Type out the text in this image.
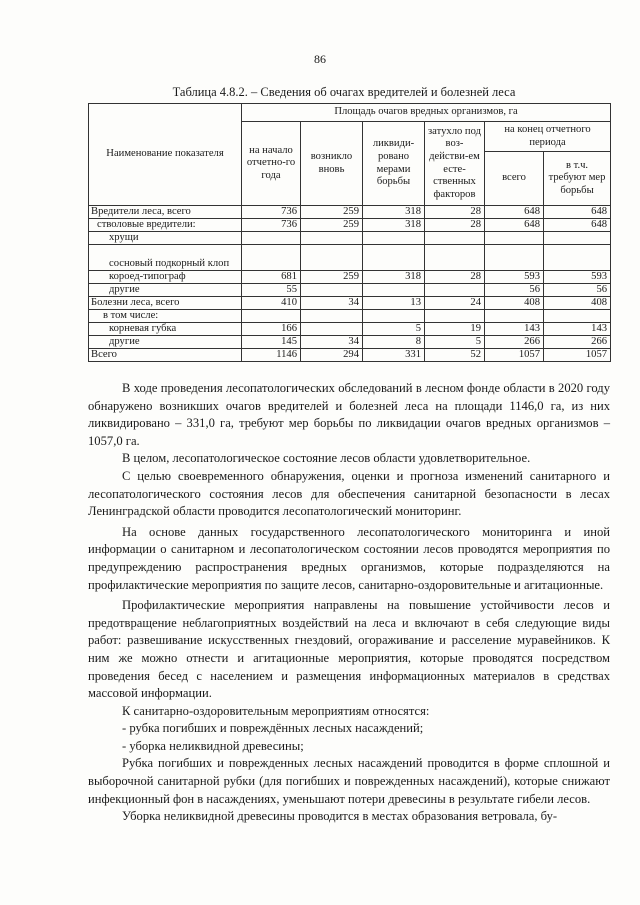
86
Таблица 4.8.2. – Сведения об очагах вредителей и болезней леса
Наименование показателя	Площадь очагов вредных организмов, га					
	на начало отчетно-го года	возникло вновь	ликвиди-ровано мерами борьбы	затухло под воз-действи-ем есте-ственных факторов	на конец отчетного периода	
					всего	в т.ч. требуют мер борьбы
Вредители леса, всего	736	259	318	28	648	648
стволовые вредители:	736	259	318	28	648	648
хрущи						
сосновый подкорный клоп						
короед-типограф	681	259	318	28	593	593
другие	55				56	56
Болезни леса, всего	410	34	13	24	408	408
в том числе:						
корневая губка	166		5	19	143	143
другие	145	34	8	5	266	266
Всего	1146	294	331	52	1057	1057

В ходе проведения лесопатологических обследований в лесном фонде области в 2020 году обнаружено возникших очагов вредителей и болезней леса на площади 1146,0 га, из них ликвидировано – 331,0 га, требуют мер борьбы по ликвидации очагов вредных организмов – 1057,0 га.

В целом, лесопатологическое состояние лесов области удовлетворительное.

С целью своевременного обнаружения, оценки и прогноза изменений санитарного и лесопатологического состояния лесов для обеспечения санитарной безопасности в лесах Ленинградской области проводится лесопатологический мониторинг.

На основе данных государственного лесопатологического мониторинга и иной информации о санитарном и лесопатологическом состоянии лесов проводятся мероприятия по предупреждению распространения вредных организмов, которые подразделяются на профилактические мероприятия по защите лесов, санитарно-оздоровительные и агитационные.

Профилактические мероприятия направлены на повышение устойчивости лесов и предотвращение неблагоприятных воздействий на леса и включают в себя следующие виды работ: развешивание искусственных гнездовий, огораживание и расселение муравейников. К ним же можно отнести и агитационные мероприятия, которые проводятся посредством проведения бесед с населением и размещения информационных материалов в средствах массовой информации.

К санитарно-оздоровительным мероприятиям относятся:

- рубка погибших и повреждённых лесных насаждений;

- уборка неликвидной древесины;

Рубка погибших и поврежденных лесных насаждений проводится в форме сплошной и выборочной санитарной рубки (для погибших и поврежденных насаждений), которые снижают инфекционный фон в насаждениях, уменьшают потери древесины в результате гибели лесов.

Уборка неликвидной древесины проводится в местах образования ветровала, бу-
